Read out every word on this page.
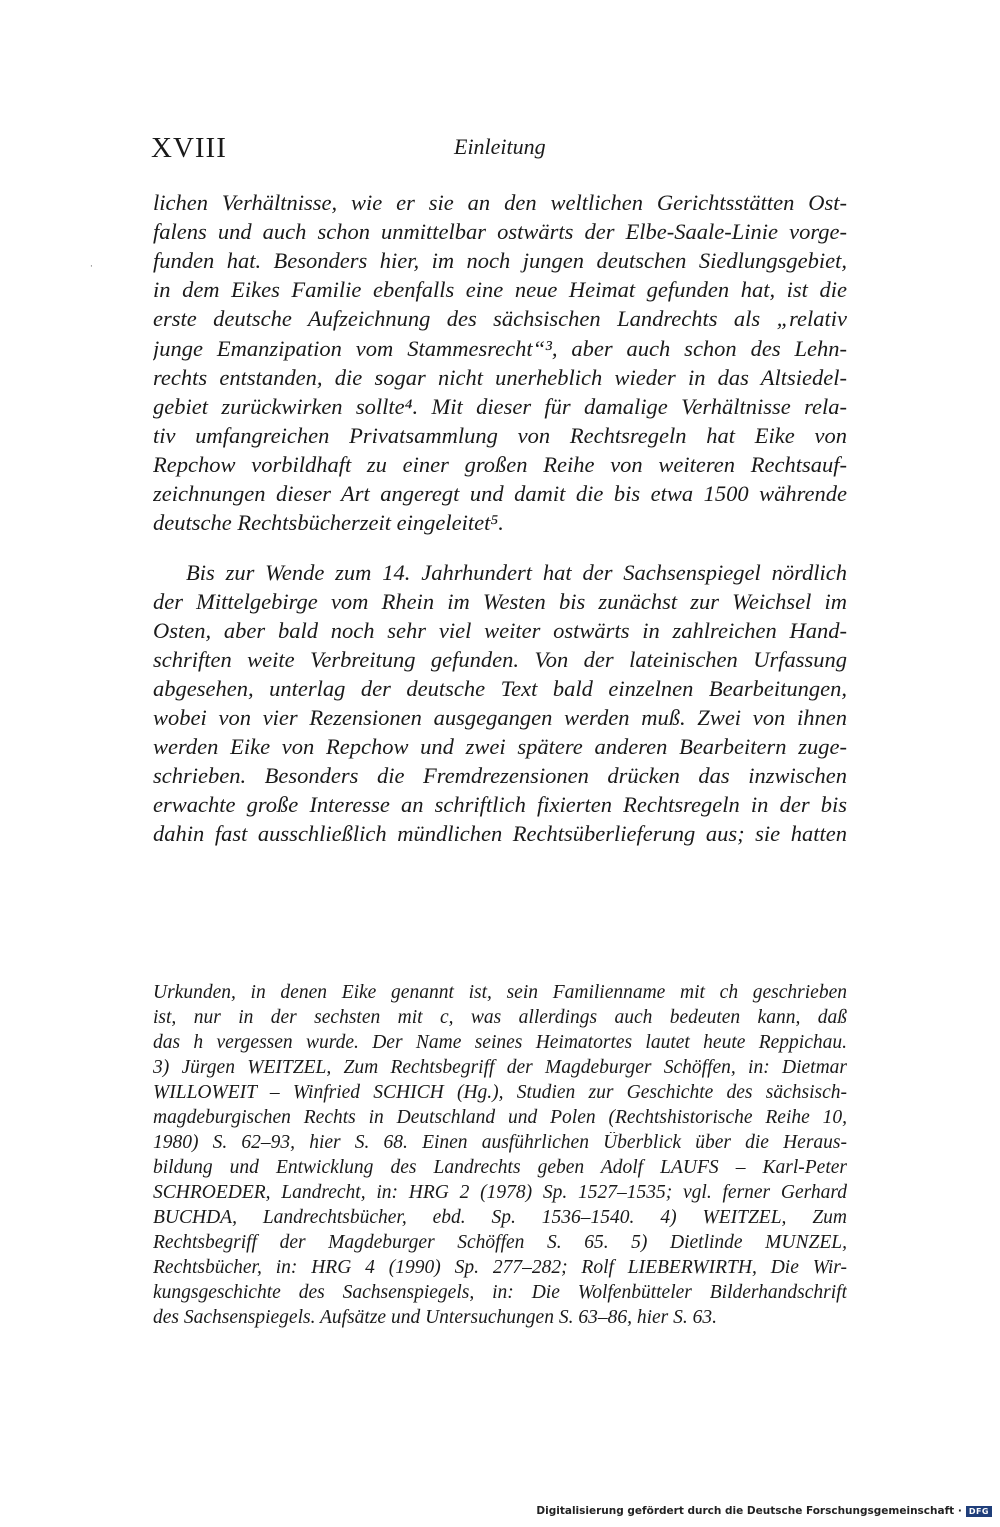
XVIII	Einleitung
·
lichen Verhältnisse, wie er sie an den weltlichen Gerichtsstätten Ost-
falens und auch schon unmittelbar ostwärts der Elbe-Saale-Linie vorge-
funden hat. Besonders hier, im noch jungen deutschen Siedlungsgebiet,
in dem Eikes Familie ebenfalls eine neue Heimat gefunden hat, ist die
erste deutsche Aufzeichnung des sächsischen Landrechts als „relativ
junge Emanzipation vom Stammesrecht“³, aber auch schon des Lehn-
rechts entstanden, die sogar nicht unerheblich wieder in das Altsiedel-
gebiet zurückwirken sollte⁴. Mit dieser für damalige Verhältnisse rela-
tiv umfangreichen Privatsammlung von Rechtsregeln hat Eike von
Repchow vorbildhaft zu einer großen Reihe von weiteren Rechtsauf-
zeichnungen dieser Art angeregt und damit die bis etwa 1500 währende
deutsche Rechtsbücherzeit eingeleitet⁵.
Bis zur Wende zum 14. Jahrhundert hat der Sachsenspiegel nördlich
der Mittelgebirge vom Rhein im Westen bis zunächst zur Weichsel im
Osten, aber bald noch sehr viel weiter ostwärts in zahlreichen Hand-
schriften weite Verbreitung gefunden. Von der lateinischen Urfassung
abgesehen, unterlag der deutsche Text bald einzelnen Bearbeitungen,
wobei von vier Rezensionen ausgegangen werden muß. Zwei von ihnen
werden Eike von Repchow und zwei spätere anderen Bearbeitern zuge-
schrieben. Besonders die Fremdrezensionen drücken das inzwischen
erwachte große Interesse an schriftlich fixierten Rechtsregeln in der bis
dahin fast ausschließlich mündlichen Rechtsüberlieferung aus; sie hatten
Urkunden, in denen Eike genannt ist, sein Familienname mit ch geschrieben
ist, nur in der sechsten mit c, was allerdings auch bedeuten kann, daß
das h vergessen wurde. Der Name seines Heimatortes lautet heute Reppichau.
3) Jürgen WEITZEL, Zum Rechtsbegriff der Magdeburger Schöffen, in: Dietmar
WILLOWEIT – Winfried SCHICH (Hg.), Studien zur Geschichte des sächsisch-
magdeburgischen Rechts in Deutschland und Polen (Rechtshistorische Reihe 10,
1980) S. 62–93, hier S. 68. Einen ausführlichen Überblick über die Heraus-
bildung und Entwicklung des Landrechts geben Adolf LAUFS – Karl-Peter
SCHROEDER, Landrecht, in: HRG 2 (1978) Sp. 1527–1535; vgl. ferner Gerhard
BUCHDA, Landrechtsbücher, ebd. Sp. 1536–1540. 4) WEITZEL, Zum
Rechtsbegriff der Magdeburger Schöffen S. 65. 5) Dietlinde MUNZEL,
Rechtsbücher, in: HRG 4 (1990) Sp. 277–282; Rolf LIEBERWIRTH, Die Wir-
kungsgeschichte des Sachsenspiegels, in: Die Wolfenbütteler Bilderhandschrift
des Sachsenspiegels. Aufsätze und Untersuchungen S. 63–86, hier S. 63.
Digitalisierung gefördert durch die Deutsche Forschungsgemeinschaft · DFG
